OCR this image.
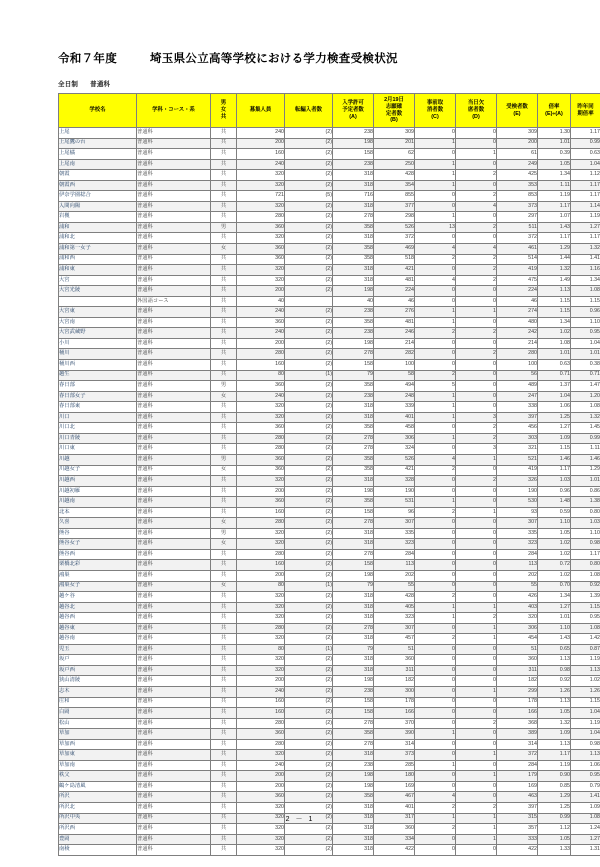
令和７年度	埼玉県公立高等学校における学力検査受検状況
全日制 普通科
学校名	学科・コース・系	男
女
共	募集人員	転編入者数	入学許可
予定者数
(A)	2月19日
志願確
定者数
(B)	事前取
消者数
(C)	当日欠
席者数
(D)	受検者数
(E)	倍率
(E)÷(A)	昨年同
期倍率

上尾	普通科	共	240	(2)	238	309	0	0	309	1.30	1.17
上尾鷹の台	普通科	共	200	(2)	198	201	1	0	200	1.01	0.99
上尾橘	普通科	共	160	(2)	158	62	0	1	61	0.39	0.63
上尾南	普通科	共	240	(2)	238	250	1	0	249	1.05	1.04
朝霞	普通科	共	320	(2)	318	428	1	2	425	1.34	1.12
朝霞西	普通科	共	320	(2)	318	354	1	0	353	1.11	1.17
伊奈学園総合	普通科	共	721	(5)	716	855	0	2	853	1.19	1.17
入間向陽	普通科	共	320	(2)	318	377	0	4	373	1.17	1.14
岩槻	普通科	共	280	(2)	278	298	1	0	297	1.07	1.19
浦和	普通科	男	360	(2)	358	526	13	2	511	1.43	1.27
浦和北	普通科	共	320	(2)	318	372	0	0	372	1.17	1.17
浦和第一女子	普通科	女	360	(2)	358	469	4	4	461	1.29	1.32
浦和西	普通科	共	360	(2)	358	518	2	2	514	1.44	1.41
浦和東	普通科	共	320	(2)	318	421	0	2	419	1.32	1.16
大宮	普通科	共	320	(2)	318	481	4	2	475	1.49	1.34
大宮光陵	普通科	共	200	(2)	198	224	0	0	224	1.13	1.08
	外国語コース	共	40		40	46	0	0	46	1.15	1.15
大宮東	普通科	共	240	(2)	238	276	1	1	274	1.15	0.96
大宮南	普通科	共	360	(2)	358	481	1	0	480	1.34	1.10
大宮武蔵野	普通科	共	240	(2)	238	246	2	2	242	1.02	0.95
小川	普通科	共	200	(2)	198	214	0	0	214	1.08	1.04
桶川	普通科	共	280	(2)	278	282	0	2	280	1.01	1.01
桶川西	普通科	共	160	(2)	158	100	0	0	100	0.63	0.38
越生	普通科	共	80	(1)	79	58	2	0	56	0.71	0.71
春日部	普通科	男	360	(2)	358	494	5	0	489	1.37	1.47
春日部女子	普通科	女	240	(2)	238	248	1	0	247	1.04	1.20
春日部東	普通科	共	320	(2)	318	339	1	0	338	1.06	1.08
川口	普通科	共	320	(2)	318	401	1	3	397	1.25	1.32
川口北	普通科	共	360	(2)	358	458	0	2	456	1.27	1.45
川口青陵	普通科	共	280	(2)	278	306	1	2	303	1.09	0.99
川口東	普通科	共	280	(2)	278	324	0	3	321	1.15	1.11
川越	普通科	男	360	(2)	358	526	4	1	521	1.46	1.46
川越女子	普通科	女	360	(2)	358	421	2	0	419	1.17	1.29
川越西	普通科	共	320	(2)	318	328	0	2	326	1.03	1.01
川越初雁	普通科	共	200	(2)	198	190	0	0	190	0.96	0.86
川越南	普通科	共	360	(2)	358	531	1	0	530	1.48	1.38
北本	普通科	共	160	(2)	158	96	2	1	93	0.59	0.80
久喜	普通科	女	280	(2)	278	307	0	0	307	1.10	1.03
熊谷	普通科	男	320	(2)	318	335	0	0	335	1.05	1.10
熊谷女子	普通科	女	320	(2)	318	323	0	0	323	1.02	0.98
熊谷西	普通科	共	280	(2)	278	284	0	0	284	1.02	1.17
栗橋北彩	普通科	共	160	(2)	158	113	0	0	113	0.72	0.80
鴻巣	普通科	共	200	(2)	198	202	0	0	202	1.02	1.08
鴻巣女子	普通科	女	80	(1)	79	55	0	0	55	0.70	0.92
越ケ谷	普通科	共	320	(2)	318	428	2	0	426	1.34	1.39
越谷北	普通科	共	320	(2)	318	405	1	1	403	1.27	1.15
越谷西	普通科	共	320	(2)	318	323	1	2	320	1.01	0.95
越谷東	普通科	共	280	(2)	278	307	0	1	306	1.10	1.08
越谷南	普通科	共	320	(2)	318	457	2	1	454	1.43	1.42
児玉	普通科	共	80	(1)	79	51	0	0	51	0.65	0.87
坂戸	普通科	共	320	(2)	318	360	0	0	360	1.13	1.19
坂戸西	普通科	共	320	(2)	318	311	0	0	311	0.98	1.13
狭山清陵	普通科	共	200	(2)	198	182	0	0	182	0.92	1.02
志木	普通科	共	240	(2)	238	300	0	1	299	1.26	1.26
庄和	普通科	共	160	(2)	158	178	0	0	178	1.13	1.15
白岡	普通科	共	160	(2)	158	166	0	0	166	1.05	1.04
松山	普通科	共	280	(2)	278	370	0	2	368	1.32	1.19
草加	普通科	共	360	(2)	358	390	1	0	389	1.09	1.04
草加西	普通科	共	280	(2)	278	314	0	0	314	1.13	0.98
草加東	普通科	共	320	(2)	318	373	0	1	372	1.17	1.13
草加南	普通科	共	240	(2)	238	285	1	0	284	1.19	1.06
秩父	普通科	共	200	(2)	198	180	0	1	179	0.90	0.95
鶴ケ島清風	普通科	共	200	(2)	198	169	0	0	169	0.85	0.79
所沢	普通科	共	360	(2)	358	467	4	0	463	1.29	1.41
所沢北	普通科	共	320	(2)	318	401	2	2	397	1.25	1.09
所沢中央	普通科	共	320	(2)	318	317	1	1	315	0.99	1.08
所沢西	普通科	共	320	(2)	318	360	2	1	357	1.12	1.24
豊岡	普通科	共	320	(2)	318	334	0	1	333	1.05	1.27
南稜	普通科	共	320	(2)	318	422	0	0	422	1.33	1.31
2 － 1
